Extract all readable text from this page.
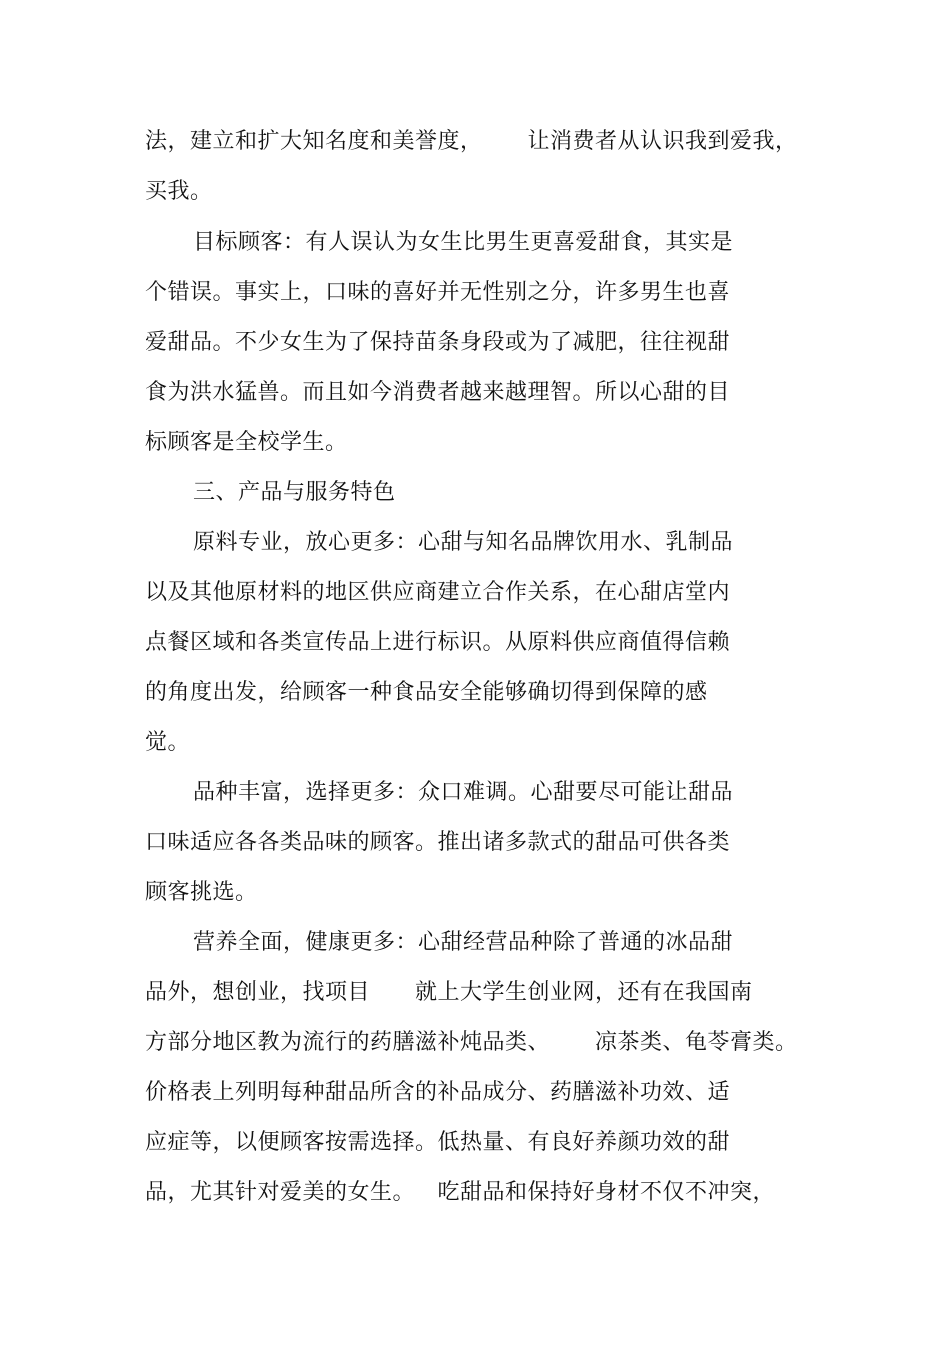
法，建立和扩大知名度和美誉度，      让消费者从认识我到爱我，
买我。
目标顾客：有人误认为女生比男生更喜爱甜食，其实是
个错误。事实上，口味的喜好并无性别之分，许多男生也喜
爱甜品。不少女生为了保持苗条身段或为了减肥，往往视甜
食为洪水猛兽。而且如今消费者越来越理智。所以心甜的目
标顾客是全校学生。
三、产品与服务特色
原料专业，放心更多：心甜与知名品牌饮用水、乳制品
以及其他原材料的地区供应商建立合作关系，在心甜店堂内
点餐区域和各类宣传品上进行标识。从原料供应商值得信赖
的角度出发，给顾客一种食品安全能够确切得到保障的感
觉。
品种丰富，选择更多：众口难调。心甜要尽可能让甜品
口味适应各各类品味的顾客。推出诸多款式的甜品可供各类
顾客挑选。
营养全面，健康更多：心甜经营品种除了普通的冰品甜
品外，想创业，找项目      就上大学生创业网，还有在我国南
方部分地区教为流行的药膳滋补炖品类、      凉茶类、龟苓膏类。
价格表上列明每种甜品所含的补品成分、药膳滋补功效、适
应症等，以便顾客按需选择。低热量、有良好养颜功效的甜
品，尤其针对爱美的女生。   吃甜品和保持好身材不仅不冲突，
